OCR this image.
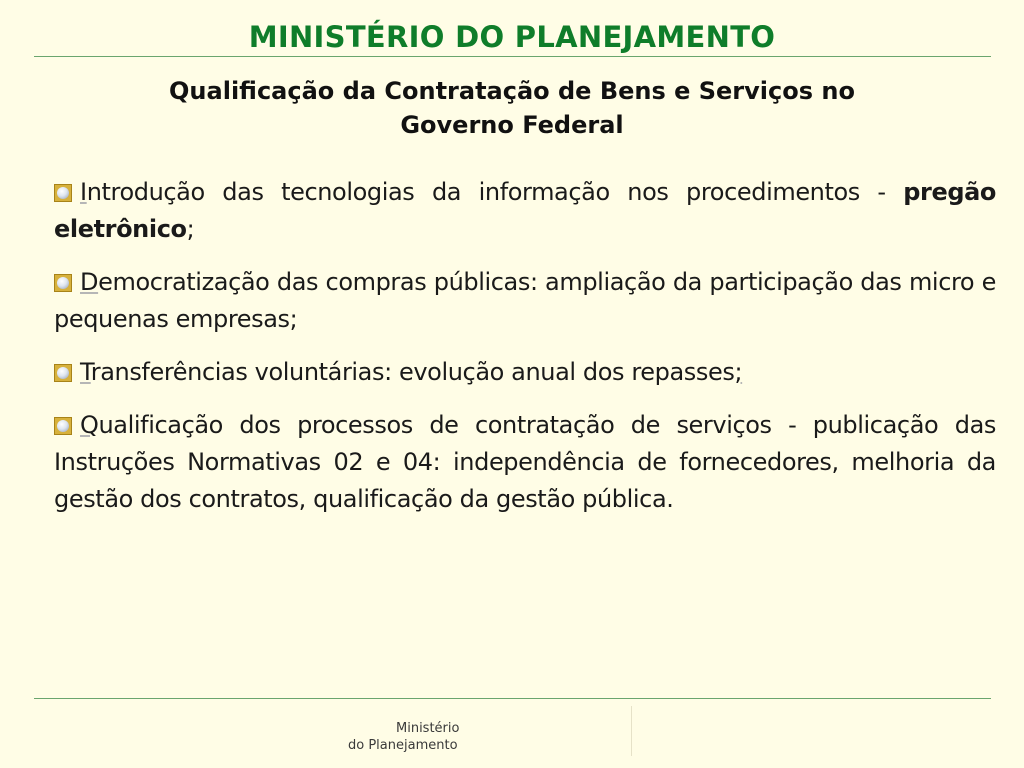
MINISTÉRIO DO PLANEJAMENTO
Qualificação da Contratação de Bens e Serviços no
Governo Federal
Introdução das tecnologias da informação nos procedimentos - pregão eletrônico;
Democratização das compras públicas: ampliação da participação das micro e pequenas empresas;
Transferências voluntárias: evolução anual dos repasses;
Qualificação dos processos de contratação de serviços - publicação das Instruções Normativas 02 e 04: independência de fornecedores, melhoria da gestão dos contratos, qualificação da gestão pública.
Ministério
do Planejamento
